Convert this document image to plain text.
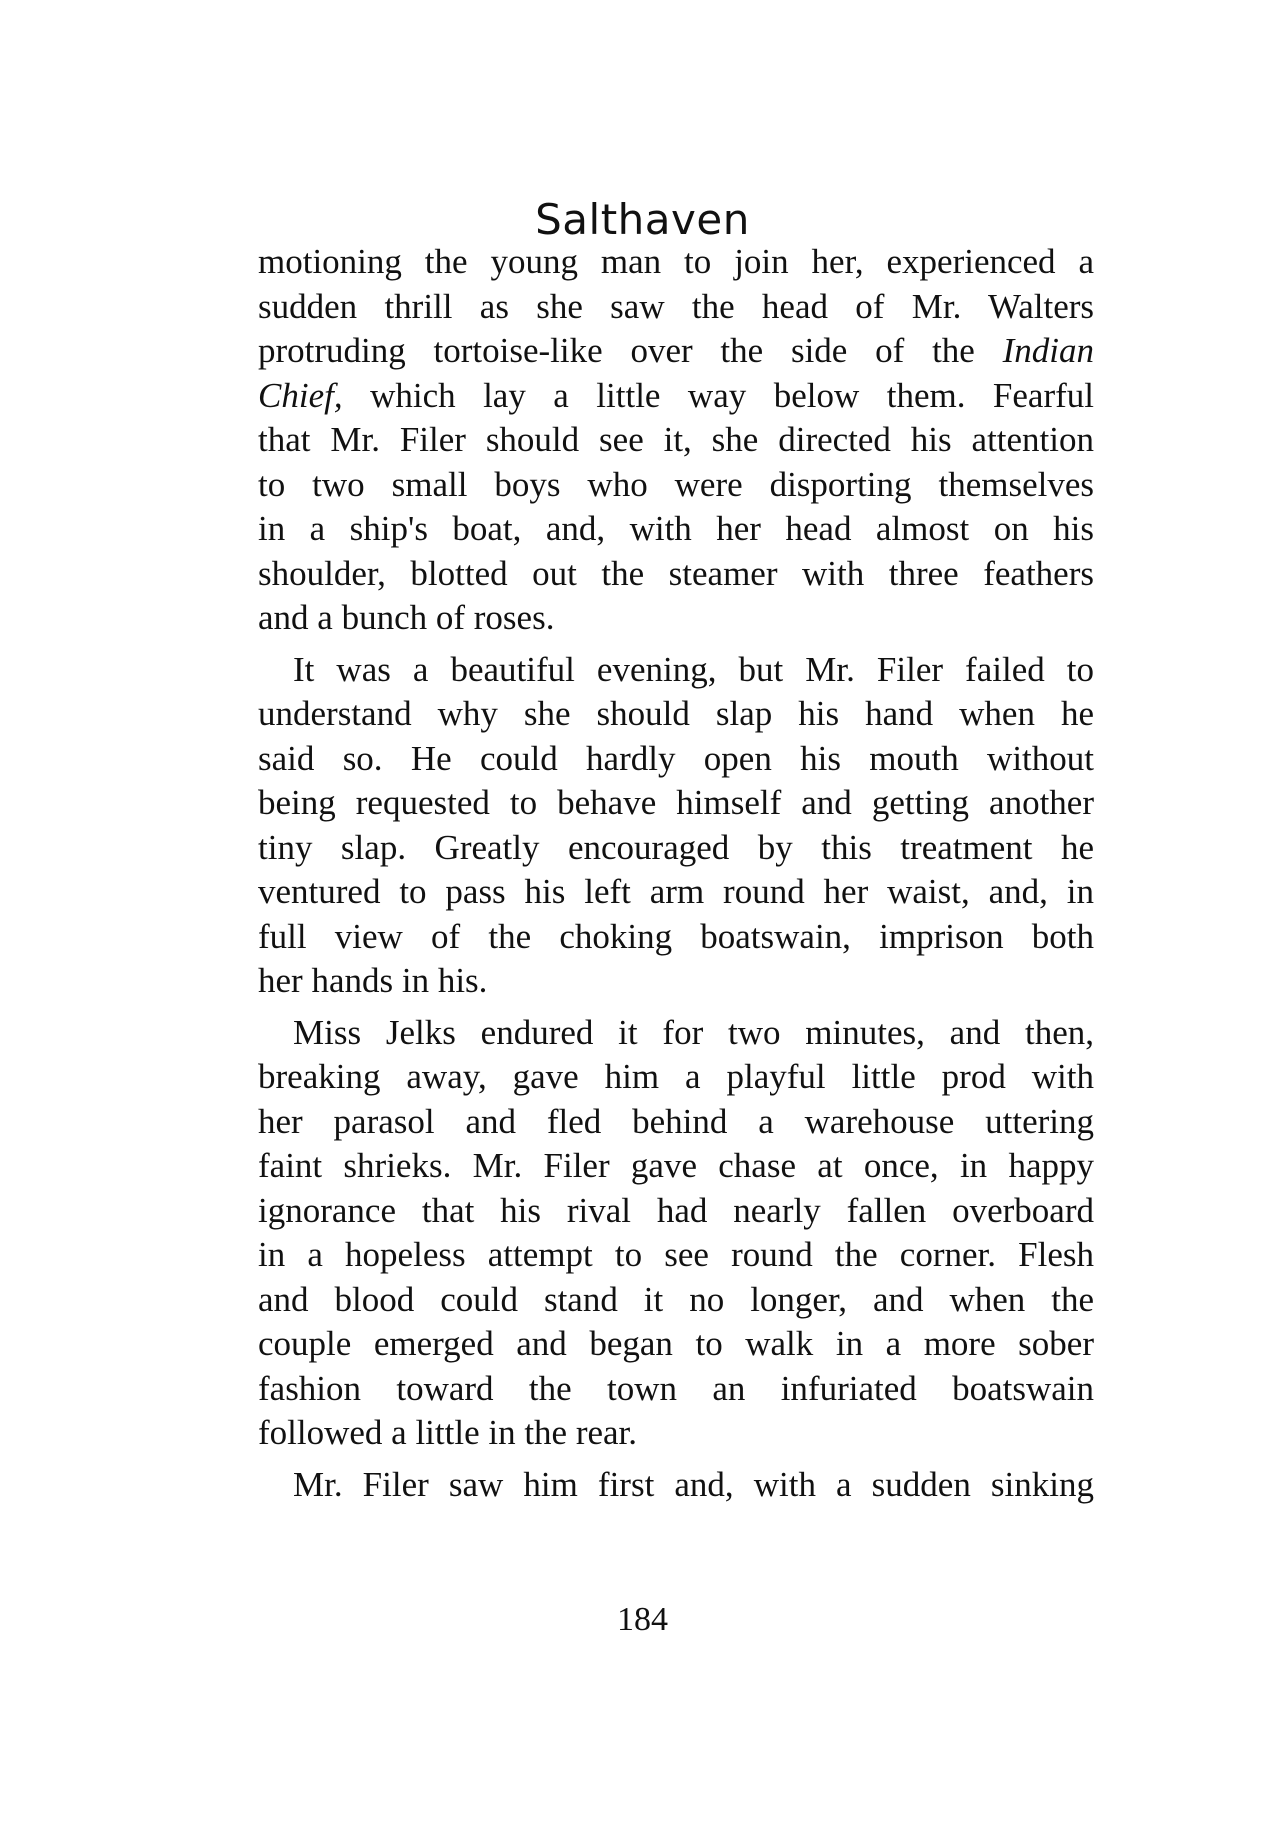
Salthaven
motioning the young man to join her, experienced a
sudden thrill as she saw the head of Mr. Walters
protruding tortoise-like over the side of the Indian
Chief, which lay a little way below them. Fearful
that Mr. Filer should see it, she directed his attention
to two small boys who were disporting themselves
in a ship's boat, and, with her head almost on his
shoulder, blotted out the steamer with three feathers
and a bunch of roses.
It was a beautiful evening, but Mr. Filer failed to
understand why she should slap his hand when he
said so. He could hardly open his mouth without
being requested to behave himself and getting another
tiny slap. Greatly encouraged by this treatment he
ventured to pass his left arm round her waist, and, in
full view of the choking boatswain, imprison both
her hands in his.
Miss Jelks endured it for two minutes, and then,
breaking away, gave him a playful little prod with
her parasol and fled behind a warehouse uttering
faint shrieks. Mr. Filer gave chase at once, in happy
ignorance that his rival had nearly fallen overboard
in a hopeless attempt to see round the corner. Flesh
and blood could stand it no longer, and when the
couple emerged and began to walk in a more sober
fashion toward the town an infuriated boatswain
followed a little in the rear.
Mr. Filer saw him first and, with a sudden sinking
184
